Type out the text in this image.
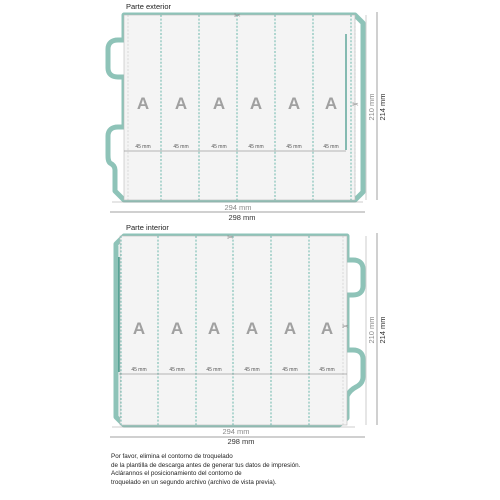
Parte exterior
✂
✂
A A A A A A
45 mm	45 mm	45 mm	45 mm	45 mm	45 mm
294 mm
298 mm
210 mm 214 mm
Parte interior
✂
✂
A A A A A A
45 mm	45 mm	45 mm	45 mm	45 mm	45 mm
294 mm
298 mm
210 mm 214 mm
Por favor, elimina el contorno de troquelado
de la plantilla de descarga antes de generar tus datos de impresión.
Aclárannos el posicionamiento del contorno de
troquelado en un segundo archivo (archivo de vista previa).
